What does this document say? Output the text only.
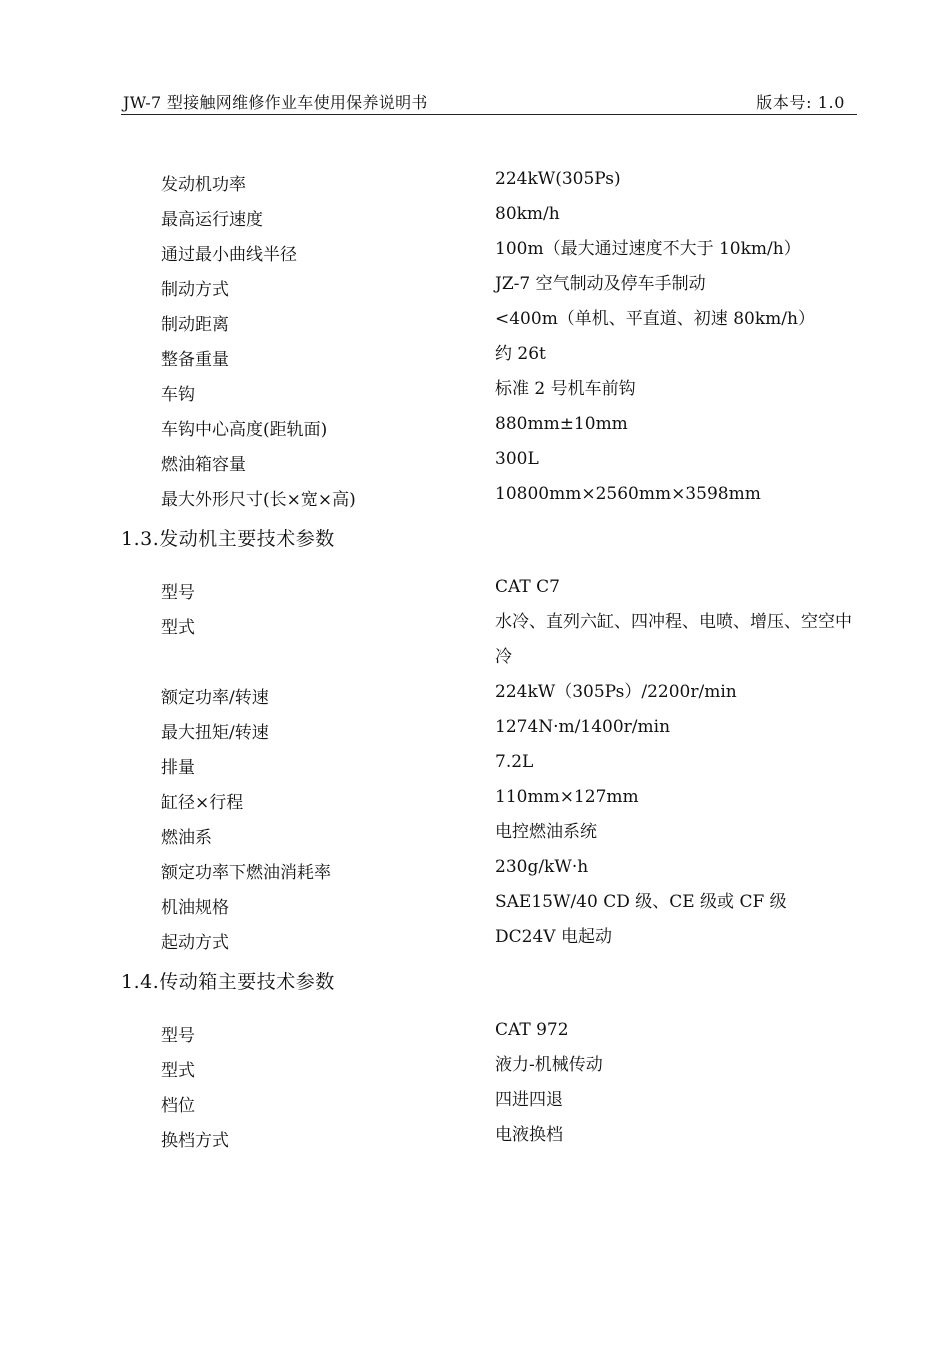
JW-7 型接触网维修作业车使用保养说明书	版本号: 1.0
发动机功率	224kW(305Ps)
最高运行速度	80km/h
通过最小曲线半径	100m（最大通过速度不大于 10km/h）
制动方式	JZ-7 空气制动及停车手制动
制动距离	<400m（单机、平直道、初速 80km/h）
整备重量	约 26t
车钩	标准 2 号机车前钩
车钩中心高度(距轨面)	880mm±10mm
燃油箱容量	300L
最大外形尺寸(长×宽×高)	10800mm×2560mm×3598mm
1.3.发动机主要技术参数
型号	CAT C7
型式	水冷、直列六缸、四冲程、电喷、增压、空空中冷
额定功率/转速	224kW（305Ps）/2200r/min
最大扭矩/转速	1274N·m/1400r/min
排量	7.2L
缸径×行程	110mm×127mm
燃油系	电控燃油系统
额定功率下燃油消耗率	230g/kW·h
机油规格	SAE15W/40 CD 级、CE 级或 CF 级
起动方式	DC24V 电起动
1.4.传动箱主要技术参数
型号	CAT 972
型式	液力-机械传动
档位	四进四退
换档方式	电液换档
